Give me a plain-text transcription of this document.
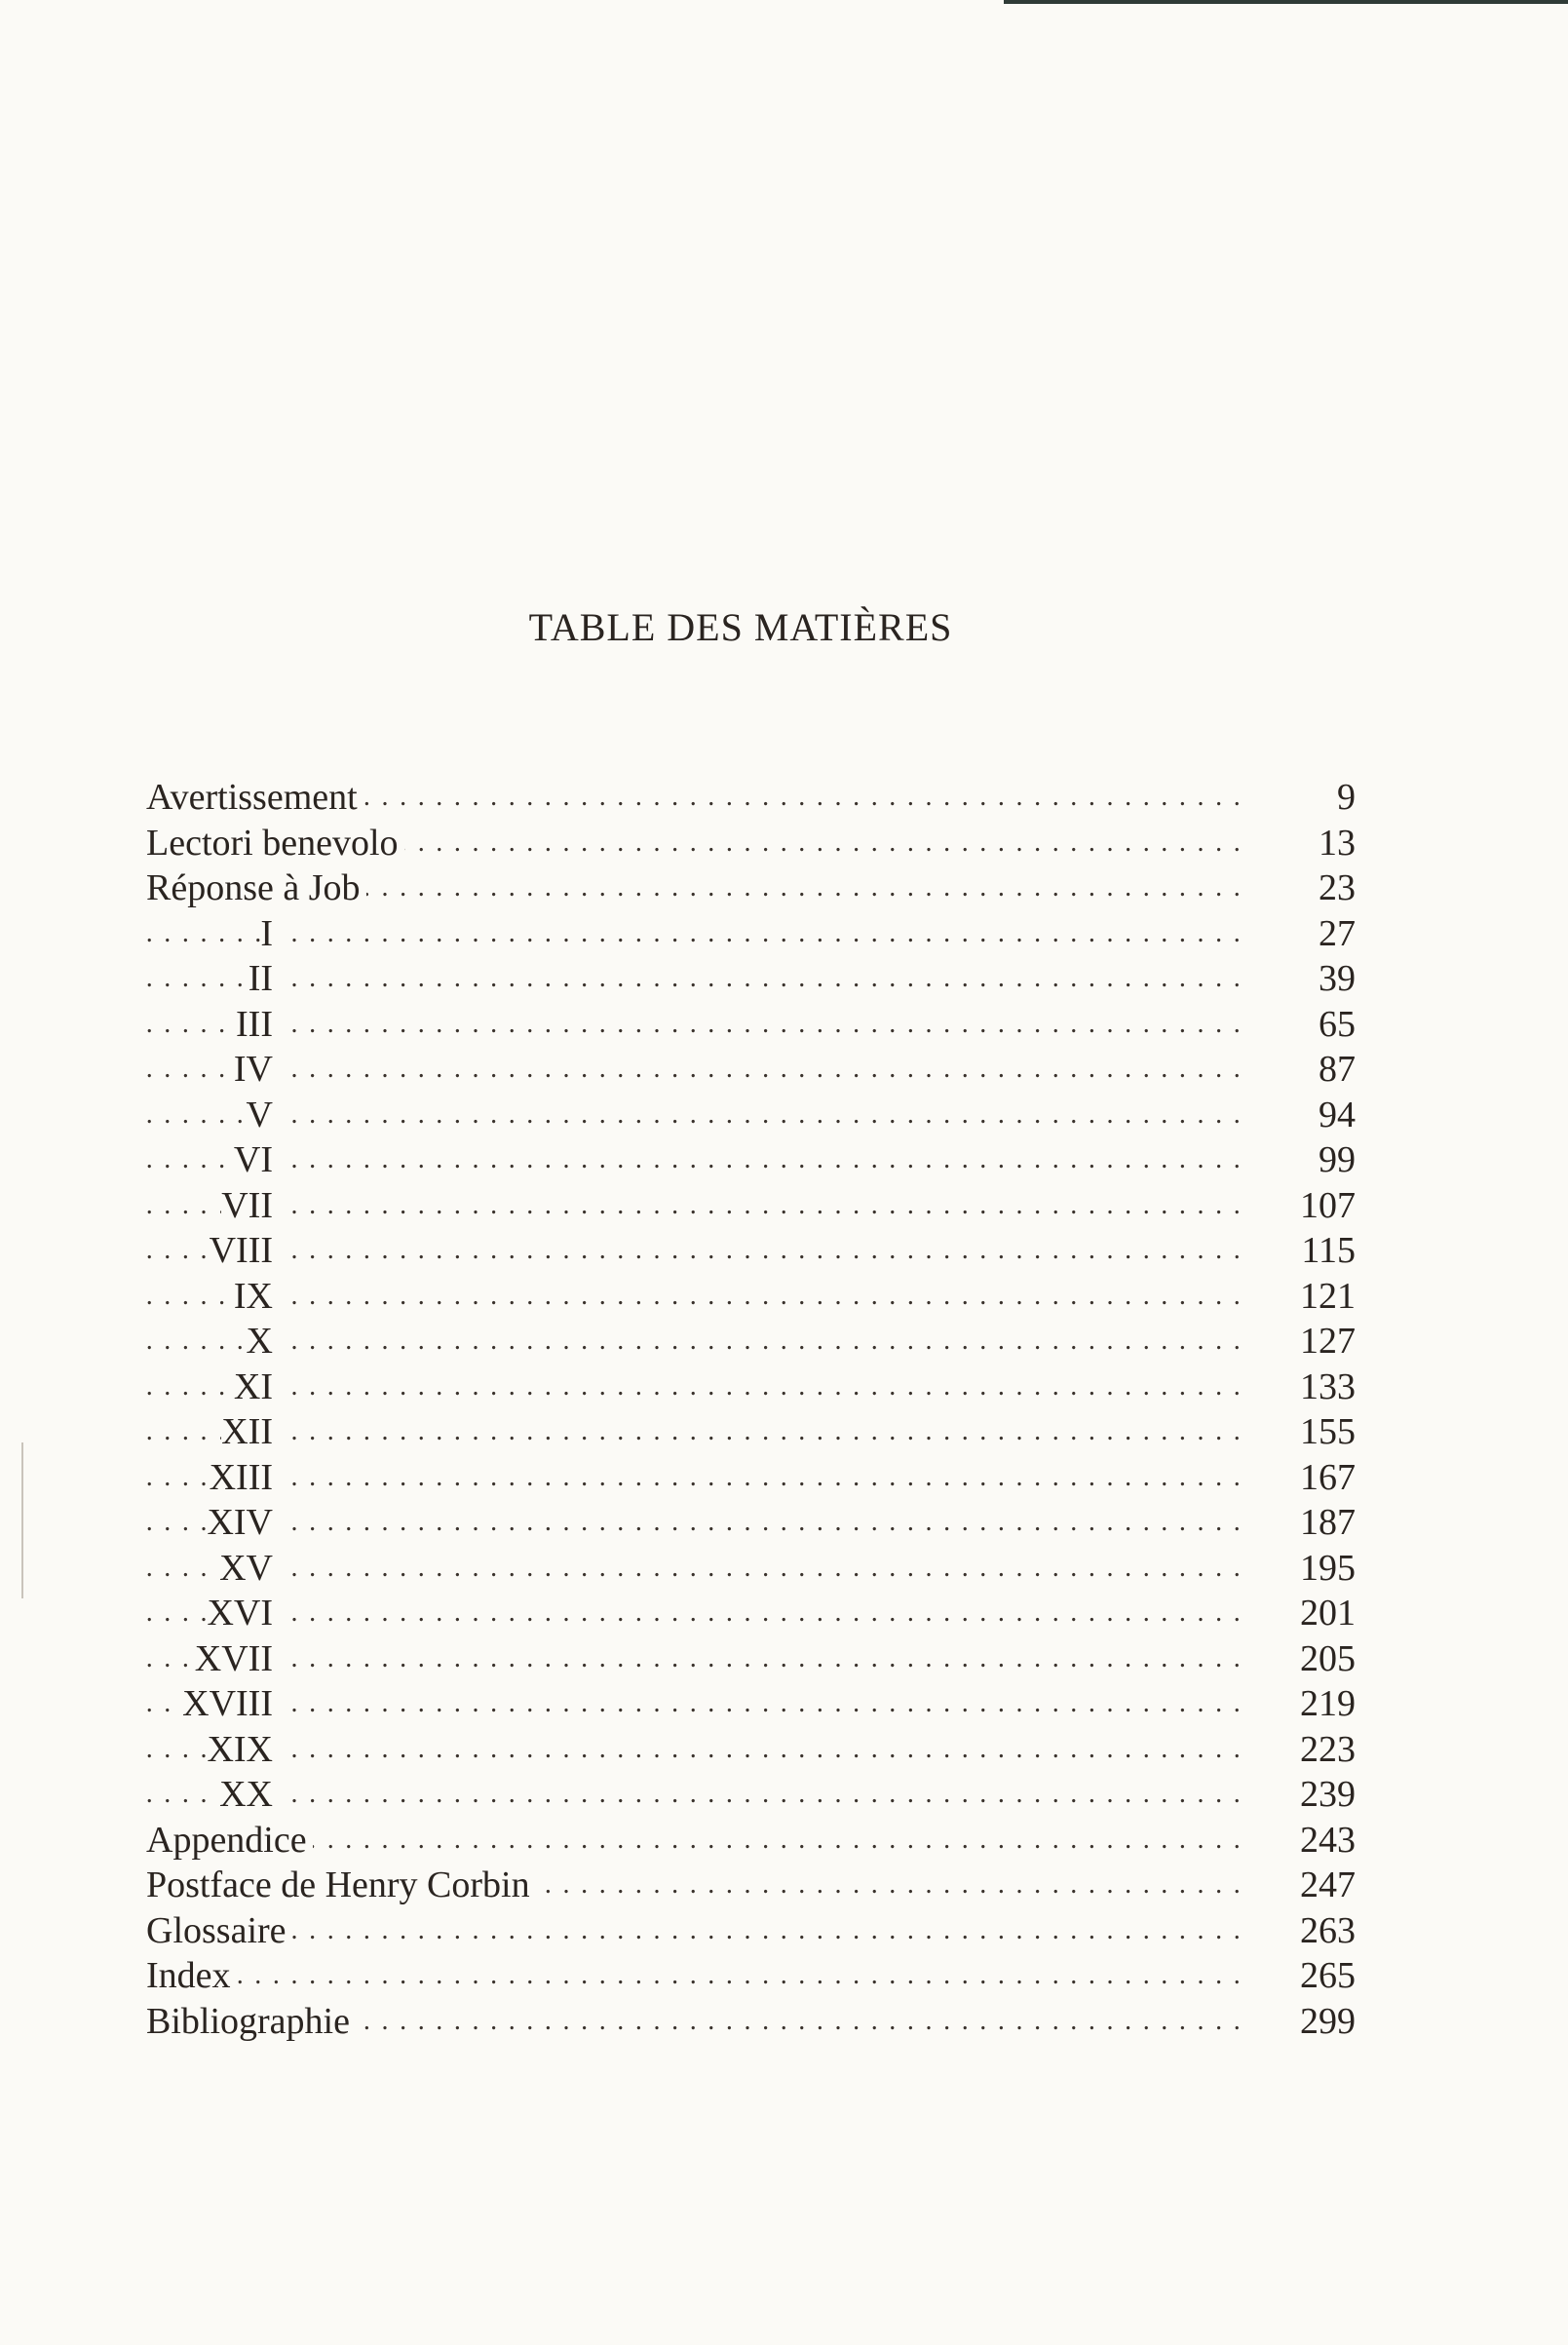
TABLE DES MATIÈRES
. . .
Avertissement	9
. . .
Lectori benevolo	13
. . .
Réponse à Job	23
. . .
I	27
. . .
II	39
. . .
III	65
. . .
IV	87
. . .
V	94
. . .
VI	99
. . .
VII	107
. . .
VIII	115
. . .
IX	121
. . .
X	127
. . .
XI	133
. . .
XII	155
. . .
XIII	167
. . .
XIV	187
. . .
XV	195
. . .
XVI	201
. . .
XVII	205
. . .
XVIII	219
. . .
XIX	223
. . .
XX	239
. . .
Appendice	243
. . .
Postface de Henry Corbin	247
. . .
Glossaire	263
. . .
Index	265
. . .
Bibliographie	299
